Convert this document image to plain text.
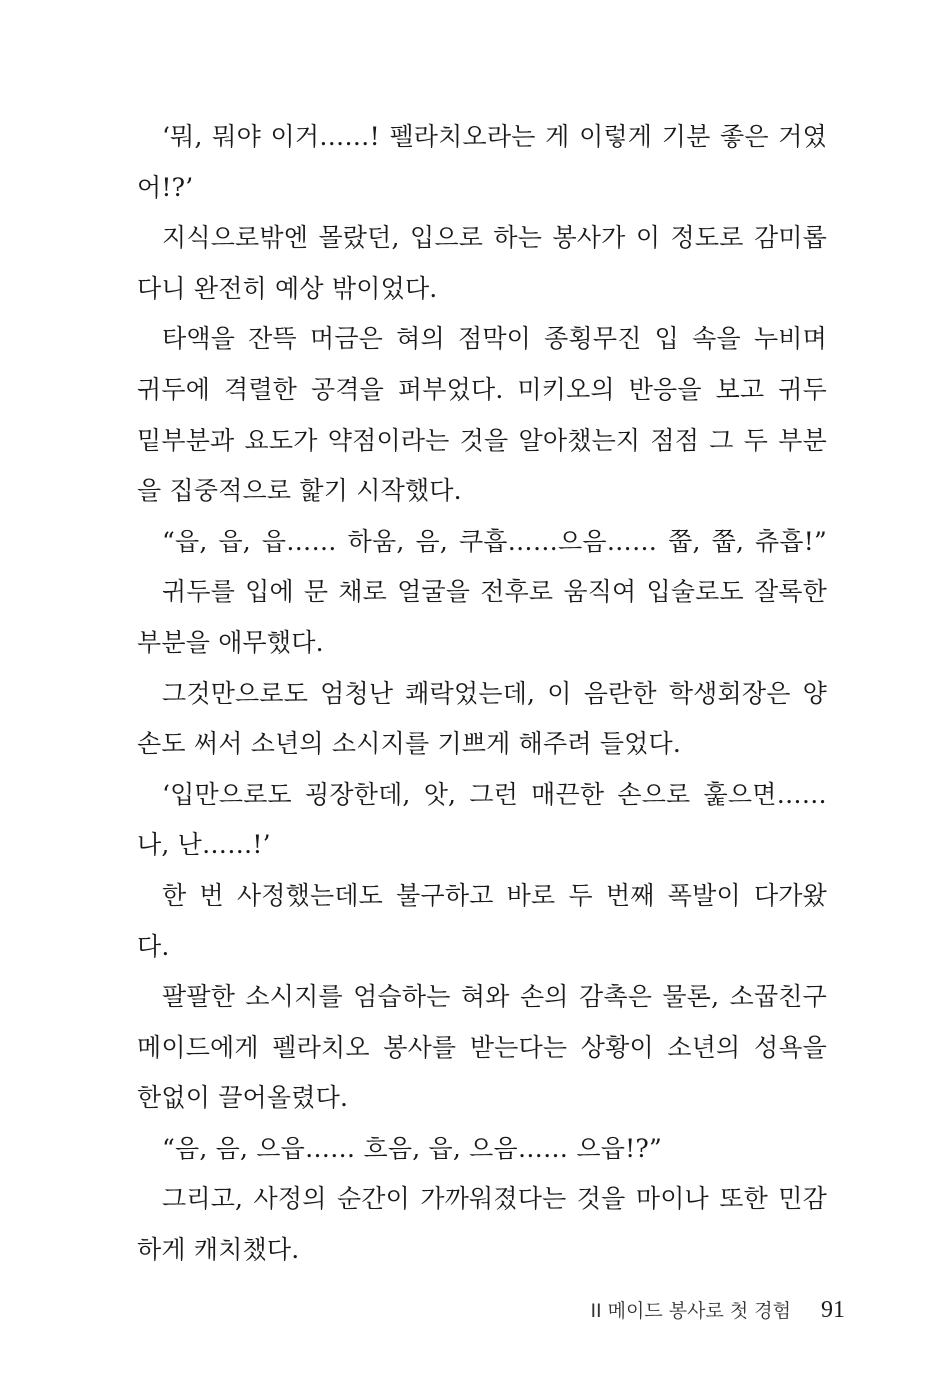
‘뭐, 뭐야 이거……! 펠라치오라는 게 이렇게 기분 좋은 거였
어!?’
지식으로밖엔 몰랐던, 입으로 하는 봉사가 이 정도로 감미롭
다니 완전히 예상 밖이었다.
타액을 잔뜩 머금은 혀의 점막이 종횡무진 입 속을 누비며
귀두에 격렬한 공격을 퍼부었다. 미키오의 반응을 보고 귀두
밑부분과 요도가 약점이라는 것을 알아챘는지 점점 그 두 부분
을 집중적으로 핥기 시작했다.
“읍, 읍, 읍…… 하움, 음, 쿠흡……으음…… 쭙, 쭙, 츄흡!”
귀두를 입에 문 채로 얼굴을 전후로 움직여 입술로도 잘록한
부분을 애무했다.
그것만으로도 엄청난 쾌락었는데, 이 음란한 학생회장은 양
손도 써서 소년의 소시지를 기쁘게 해주려 들었다.
‘입만으로도 굉장한데, 앗, 그런 매끈한 손으로 훑으면……
나, 난……!’
한 번 사정했는데도 불구하고 바로 두 번째 폭발이 다가왔
다.
팔팔한 소시지를 엄습하는 혀와 손의 감촉은 물론, 소꿉친구
메이드에게 펠라치오 봉사를 받는다는 상황이 소년의 성욕을
한없이 끌어올렸다.
“음, 음, 으읍…… 흐음, 읍, 으음…… 으읍!?”
그리고, 사정의 순간이 가까워졌다는 것을 마이나 또한 민감
하게 캐치챘다.
II 메이드 봉사로 첫 경험 91
